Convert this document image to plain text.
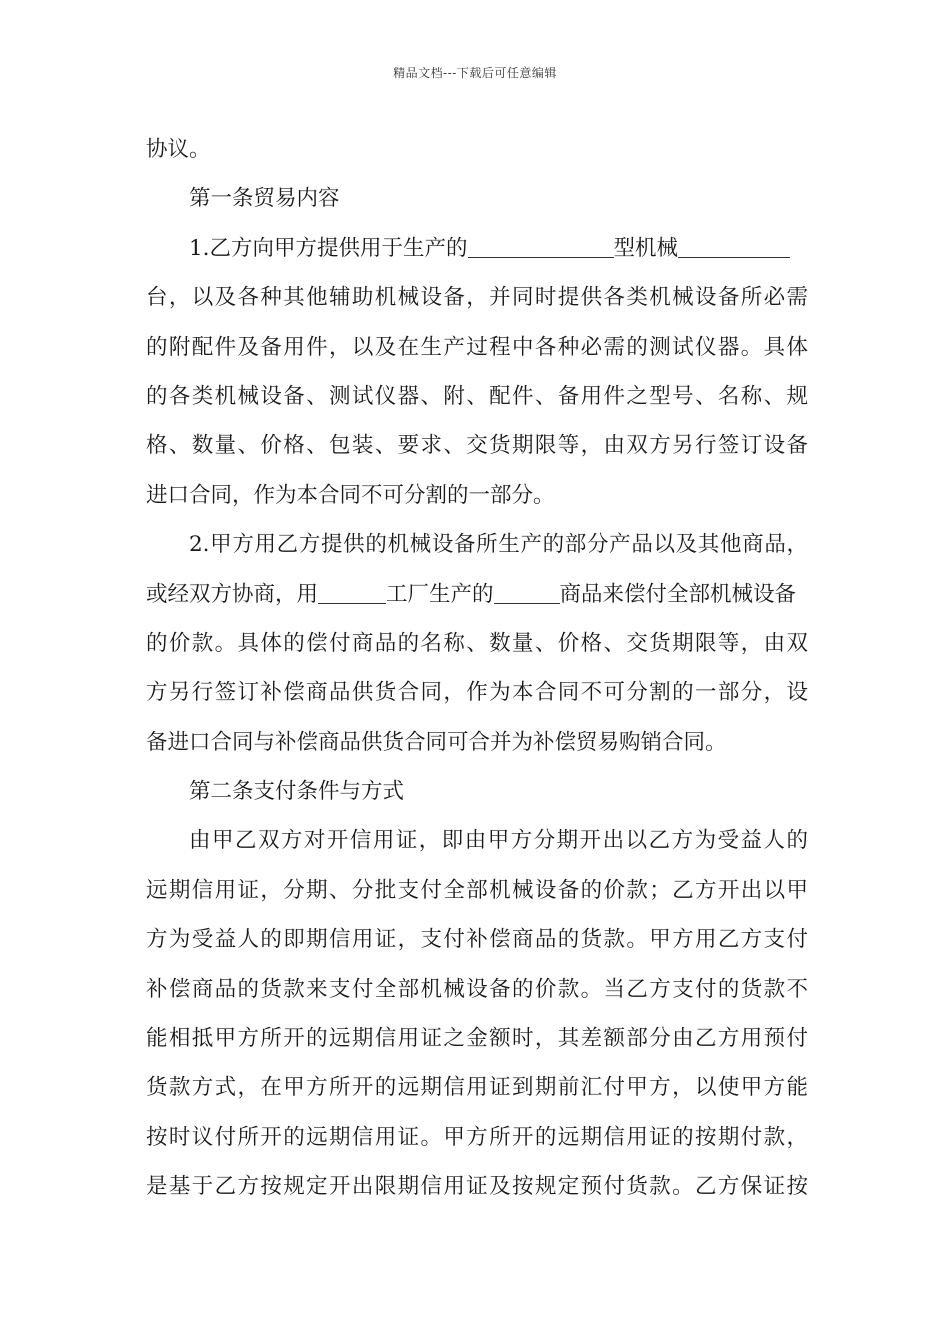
精品文档---下载后可任意编辑
协议。
第一条贸易内容
1.乙方向甲方提供用于生产的	型机械
台，以及各种其他辅助机械设备，并同时提供各类机械设备所必需
的附配件及备用件，以及在生产过程中各种必需的测试仪器。具体
的各类机械设备、测试仪器、附、配件、备用件之型号、名称、规
格、数量、价格、包装、要求、交货期限等，由双方另行签订设备
进口合同，作为本合同不可分割的一部分。
2.甲方用乙方提供的机械设备所生产的部分产品以及其他商品，
或经双方协商，用	工厂生产的	商品来偿付全部机械设备
的价款。具体的偿付商品的名称、数量、价格、交货期限等，由双
方另行签订补偿商品供货合同，作为本合同不可分割的一部分，设
备进口合同与补偿商品供货合同可合并为补偿贸易购销合同。
第二条支付条件与方式
由甲乙双方对开信用证，即由甲方分期开出以乙方为受益人的
远期信用证，分期、分批支付全部机械设备的价款；乙方开出以甲
方为受益人的即期信用证，支付补偿商品的货款。甲方用乙方支付
补偿商品的货款来支付全部机械设备的价款。当乙方支付的货款不
能相抵甲方所开的远期信用证之金额时，其差额部分由乙方用预付
货款方式，在甲方所开的远期信用证到期前汇付甲方，以使甲方能
按时议付所开的远期信用证。甲方所开的远期信用证的按期付款，
是基于乙方按规定开出限期信用证及按规定预付货款。乙方保证按
